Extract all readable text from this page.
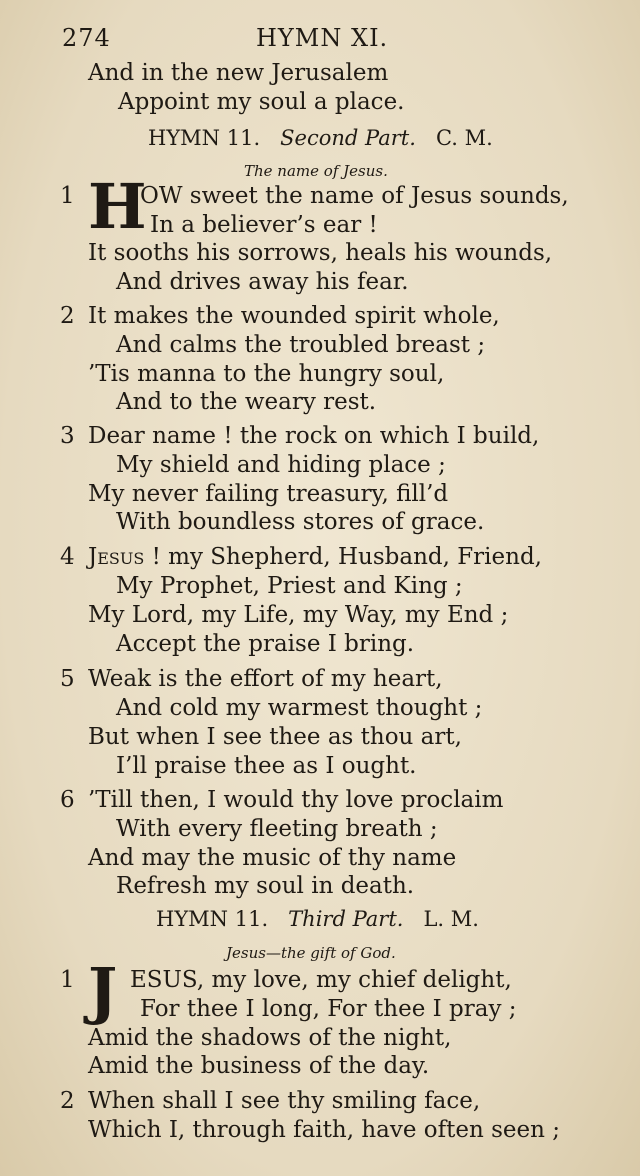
274	HYMN XI.
And in the new Jerusalem
Appoint my soul a place.
HYMN 11. Second Part. C. M.
The name of Jesus.
1 H
OW sweet the name of Jesus sounds,
In a believer’s ear !
It sooths his sorrows, heals his wounds,
And drives away his fear.
2 It makes the wounded spirit whole,
And calms the troubled breast ;
’Tis manna to the hungry soul,
And to the weary rest.
3 Dear name ! the rock on which I build,
My shield and hiding place ;
My never failing treasury, fill’d
With boundless stores of grace.
4 Jesus ! my Shepherd, Husband, Friend,
My Prophet, Priest and King ;
My Lord, my Life, my Way, my End ;
Accept the praise I bring.
5 Weak is the effort of my heart,
And cold my warmest thought ;
But when I see thee as thou art,
I’ll praise thee as I ought.
6 ’Till then, I would thy love proclaim
With every fleeting breath ;
And may the music of thy name
Refresh my soul in death.
HYMN 11. Third Part. L. M.
Jesus—the gift of God.
1 J ESUS, my love, my chief delight,
For thee I long, For thee I pray ;
Amid the shadows of the night,
Amid the business of the day.
2 When shall I see thy smiling face,
Which I, through faith, have often seen ;
